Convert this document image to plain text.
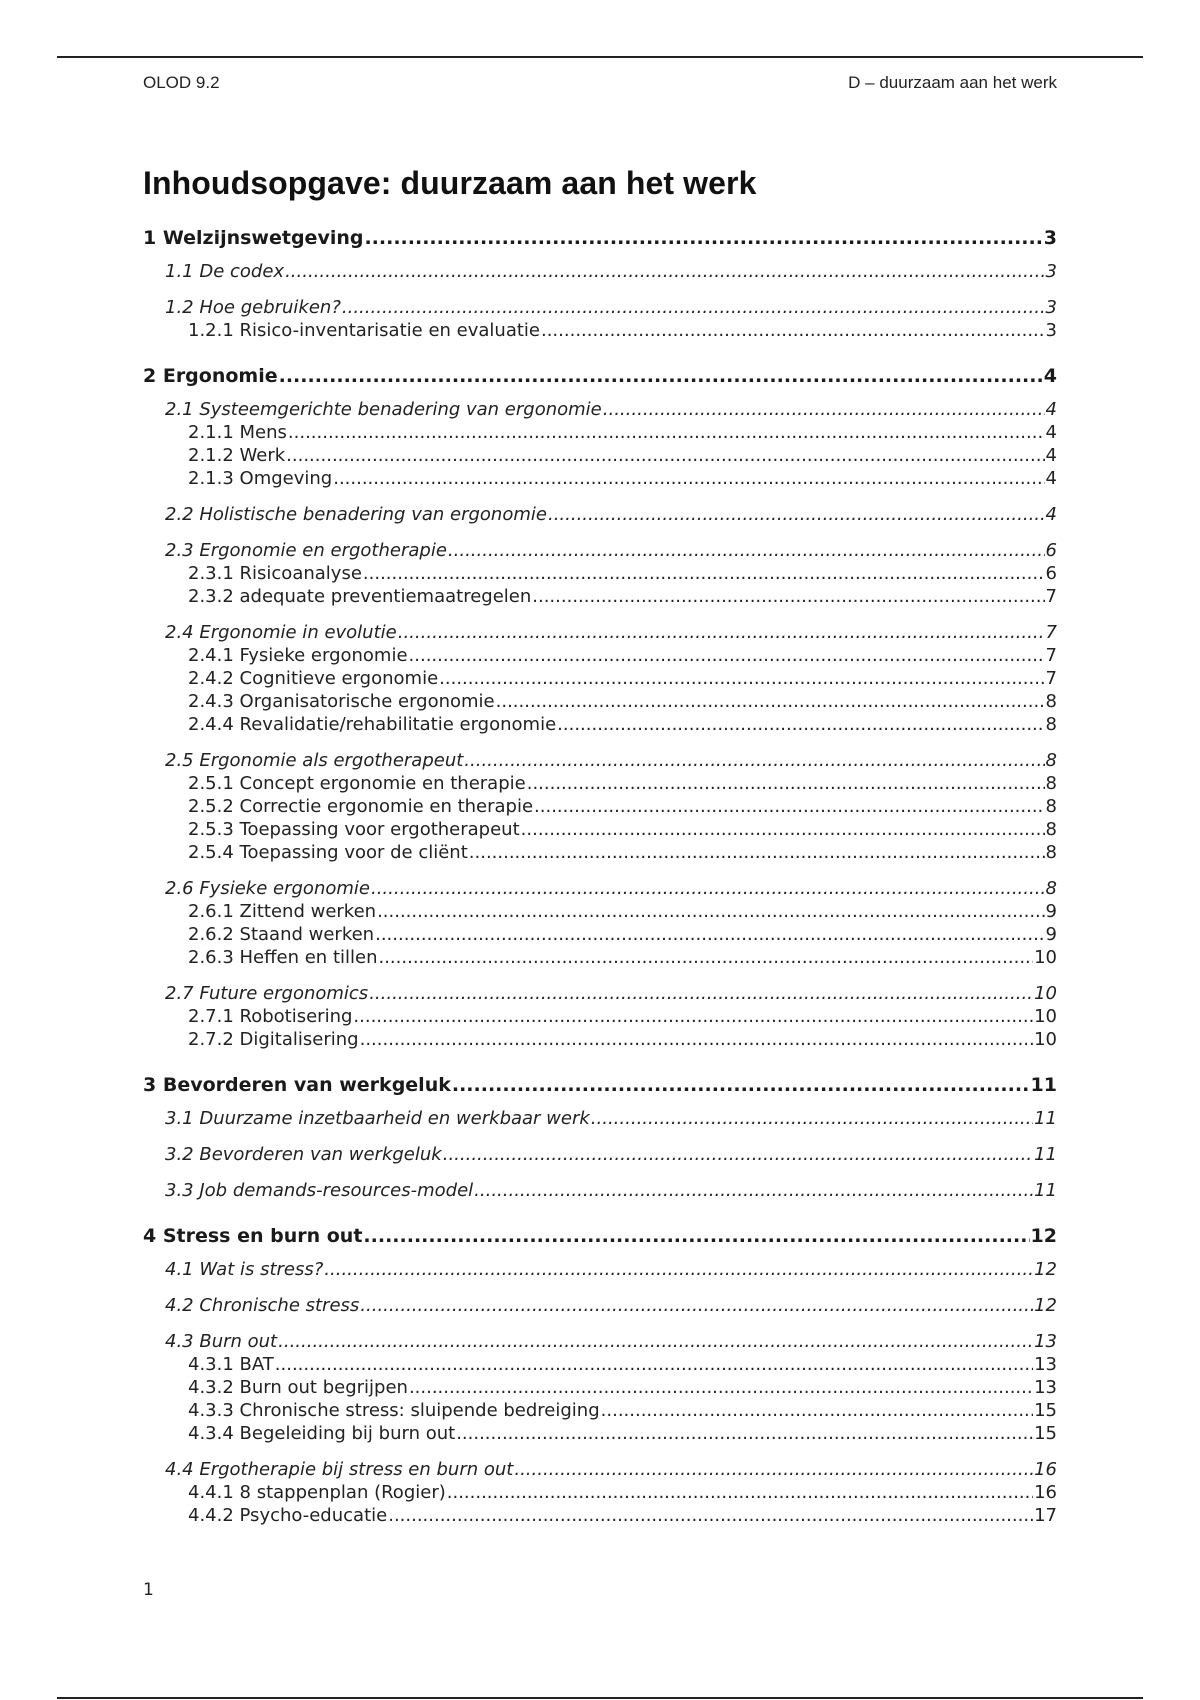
OLOD 9.2	D – duurzaam aan het werk
Inhoudsopgave: duurzaam aan het werk
1 Welzijnswetgeving .....	3
1.1 De codex .....	3
1.2 Hoe gebruiken? .....	3
1.2.1 Risico-inventarisatie en evaluatie .....	3
2 Ergonomie .....	4
2.1 Systeemgerichte benadering van ergonomie .....	4
2.1.1 Mens .....	4
2.1.2 Werk .....	4
2.1.3 Omgeving .....	4
2.2 Holistische benadering van ergonomie .....	4
2.3 Ergonomie en ergotherapie .....	6
2.3.1 Risicoanalyse .....	6
2.3.2 adequate preventiemaatregelen .....	7
2.4 Ergonomie in evolutie .....	7
2.4.1 Fysieke ergonomie .....	7
2.4.2 Cognitieve ergonomie .....	7
2.4.3 Organisatorische ergonomie .....	8
2.4.4 Revalidatie/rehabilitatie ergonomie .....	8
2.5 Ergonomie als ergotherapeut .....	8
2.5.1 Concept ergonomie en therapie .....	8
2.5.2 Correctie ergonomie en therapie .....	8
2.5.3 Toepassing voor ergotherapeut .....	8
2.5.4 Toepassing voor de cliënt .....	8
2.6 Fysieke ergonomie .....	8
2.6.1 Zittend werken .....	9
2.6.2 Staand werken .....	9
2.6.3 Heffen en tillen .....	10
2.7 Future ergonomics .....	10
2.7.1 Robotisering .....	10
2.7.2 Digitalisering .....	10
3 Bevorderen van werkgeluk .....	11
3.1 Duurzame inzetbaarheid en werkbaar werk .....	11
3.2 Bevorderen van werkgeluk .....	11
3.3 Job demands-resources-model .....	11
4 Stress en burn out .....	12
4.1 Wat is stress? .....	12
4.2 Chronische stress .....	12
4.3 Burn out .....	13
4.3.1 BAT .....	13
4.3.2 Burn out begrijpen .....	13
4.3.3 Chronische stress: sluipende bedreiging .....	15
4.3.4 Begeleiding bij burn out .....	15
4.4 Ergotherapie bij stress en burn out .....	16
4.4.1 8 stappenplan (Rogier) .....	16
4.4.2 Psycho-educatie .....	17
1
